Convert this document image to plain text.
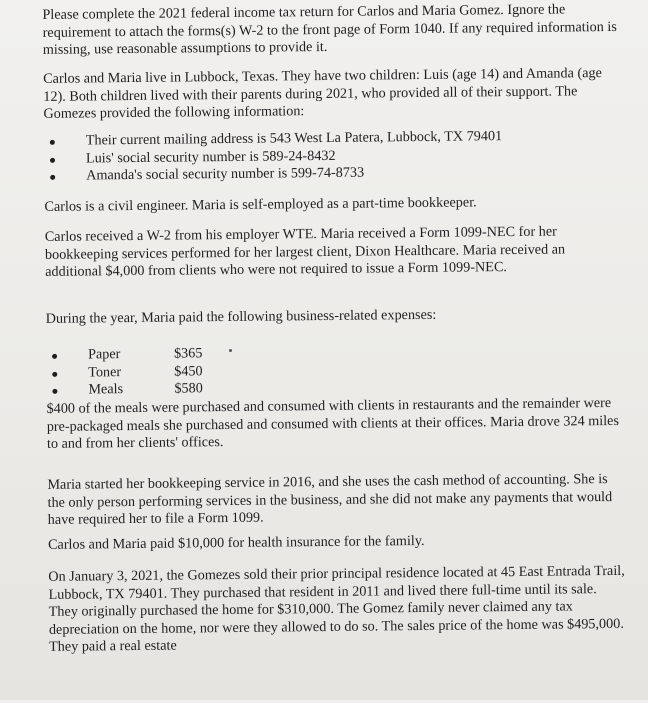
Please complete the 2021 federal income tax return for Carlos and Maria Gomez. Ignore the requirement to attach the forms(s) W-2 to the front page of Form 1040. If any required information is missing, use reasonable assumptions to provide it.

Carlos and Maria live in Lubbock, Texas. They have two children: Luis (age 14) and Amanda (age 12). Both children lived with their parents during 2021, who provided all of their support. The Gomezes provided the following information:

Their current mailing address is 543 West La Patera, Lubbock, TX 79401
Luis' social security number is 589-24-8432
Amanda's social security number is 599-74-8733

Carlos is a civil engineer. Maria is self-employed as a part-time bookkeeper.

Carlos received a W-2 from his employer WTE. Maria received a Form 1099-NEC for her bookkeeping services performed for her largest client, Dixon Healthcare. Maria received an additional $4,000 from clients who were not required to issue a Form 1099-NEC.

During the year, Maria paid the following business-related expenses:

Paper	$365
Toner	$450
Meals	$580

$400 of the meals were purchased and consumed with clients in restaurants and the remainder were pre-packaged meals she purchased and consumed with clients at their offices. Maria drove 324 miles to and from her clients' offices.

Maria started her bookkeeping service in 2016, and she uses the cash method of accounting. She is the only person performing services in the business, and she did not make any payments that would have required her to file a Form 1099.

Carlos and Maria paid $10,000 for health insurance for the family.

On January 3, 2021, the Gomezes sold their prior principal residence located at 45 East Entrada Trail, Lubbock, TX 79401. They purchased that resident in 2011 and lived there full-time until its sale. They originally purchased the home for $310,000. The Gomez family never claimed any tax depreciation on the home, nor were they allowed to do so. The sales price of the home was $495,000. They paid a real estate
